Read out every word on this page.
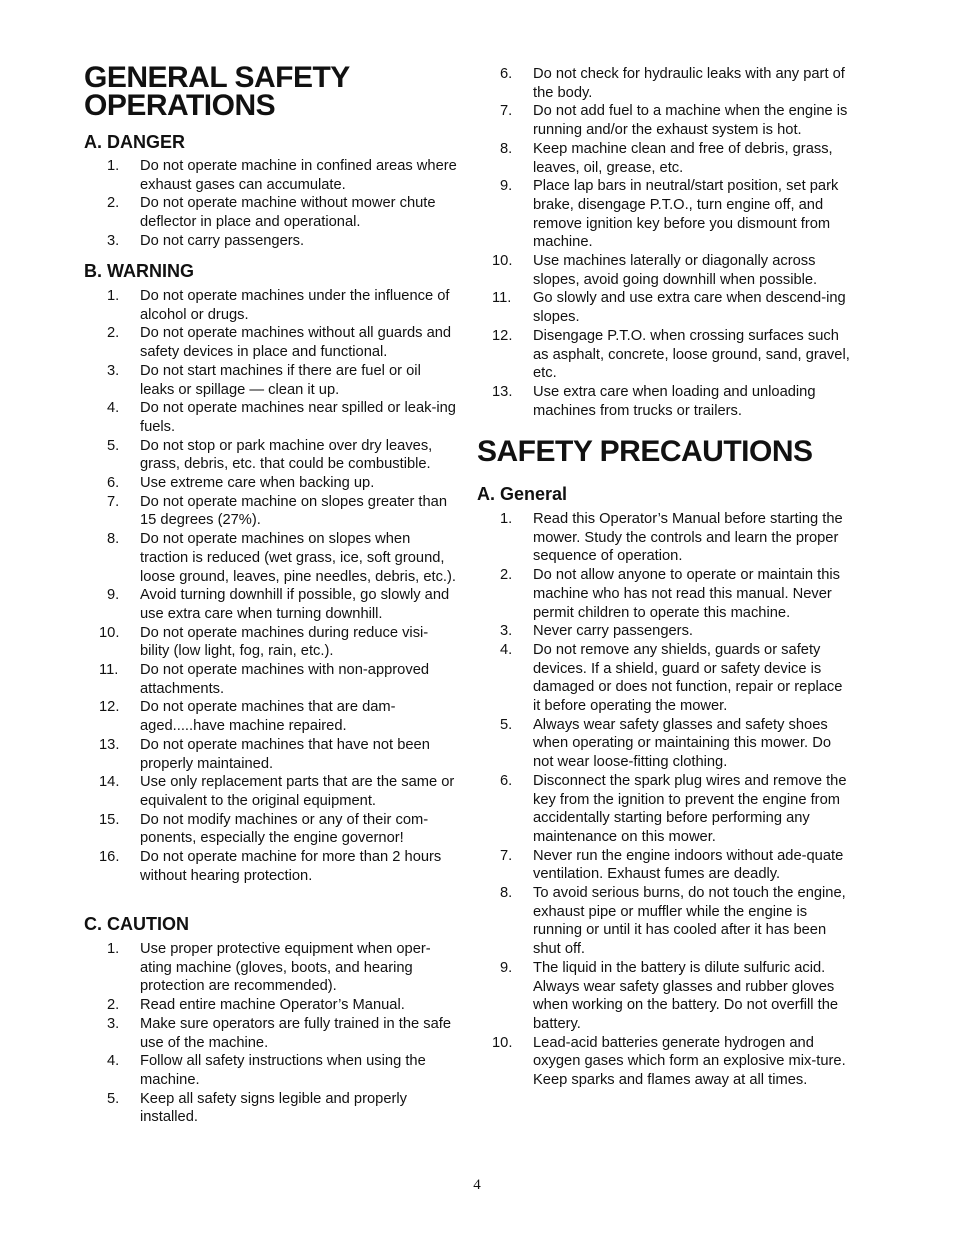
GENERAL SAFETY
OPERATIONS
A. DANGER
1. Do not operate machine in confined areas where exhaust gases can accumulate.
2. Do not operate machine without mower chute deflector in place and operational.
3. Do not carry passengers.
B. WARNING
1. Do not operate machines under the influence of alcohol or drugs.
2. Do not operate machines without all guards and safety devices in place and functional.
3. Do not start machines if there are fuel or oil leaks or spillage — clean it up.
4. Do not operate machines near spilled or leak-ing fuels.
5. Do not stop or park machine over dry leaves, grass, debris, etc. that could be combustible.
6. Use extreme care when backing up.
7. Do not operate machine on slopes greater than 15 degrees (27%).
8. Do not operate machines on slopes when traction is reduced (wet grass, ice, soft ground, loose ground, leaves, pine needles, debris, etc.).
9. Avoid turning downhill if possible, go slowly and use extra care when turning downhill.
10. Do not operate machines during reduce visi-bility (low light, fog, rain, etc.).
11. Do not operate machines with non-approved attachments.
12. Do not operate machines that are dam-aged.....have machine repaired.
13. Do not operate machines that have not been properly maintained.
14. Use only replacement parts that are the same or equivalent to the original equipment.
15. Do not modify machines or any of their com-ponents, especially the engine governor!
16. Do not operate machine for more than 2 hours without hearing protection.
C. CAUTION
1. Use proper protective equipment when oper-ating machine (gloves, boots, and hearing protection are recommended).
2. Read entire machine Operator’s Manual.
3. Make sure operators are fully trained in the safe use of the machine.
4. Follow all safety instructions when using the machine.
5. Keep all safety signs legible and properly installed.
6. Do not check for hydraulic leaks with any part of the body.
7. Do not add fuel to a machine when the engine is running and/or the exhaust system is hot.
8. Keep machine clean and free of debris, grass, leaves, oil, grease, etc.
9. Place lap bars in neutral/start position, set park brake, disengage P.T.O., turn engine off, and remove ignition key before you dismount from machine.
10. Use machines laterally or diagonally across slopes, avoid going downhill when possible.
11. Go slowly and use extra care when descend-ing slopes.
12. Disengage P.T.O. when crossing surfaces such as asphalt, concrete, loose ground, sand, gravel, etc.
13. Use extra care when loading and unloading machines from trucks or trailers.
SAFETY PRECAUTIONS
A. General
1. Read this Operator’s Manual before starting the mower. Study the controls and learn the proper sequence of operation.
2. Do not allow anyone to operate or maintain this machine who has not read this manual. Never permit children to operate this machine.
3. Never carry passengers.
4. Do not remove any shields, guards or safety devices. If a shield, guard or safety device is damaged or does not function, repair or replace it before operating the mower.
5. Always wear safety glasses and safety shoes when operating or maintaining this mower. Do not wear loose-fitting clothing.
6. Disconnect the spark plug wires and remove the key from the ignition to prevent the engine from accidentally starting before performing any maintenance on this mower.
7. Never run the engine indoors without ade-quate ventilation. Exhaust fumes are deadly.
8. To avoid serious burns, do not touch the engine, exhaust pipe or muffler while the engine is running or until it has cooled after it has been shut off.
9. The liquid in the battery is dilute sulfuric acid. Always wear safety glasses and rubber gloves when working on the battery. Do not overfill the battery.
10. Lead-acid batteries generate hydrogen and oxygen gases which form an explosive mix-ture. Keep sparks and flames away at all times.
4
